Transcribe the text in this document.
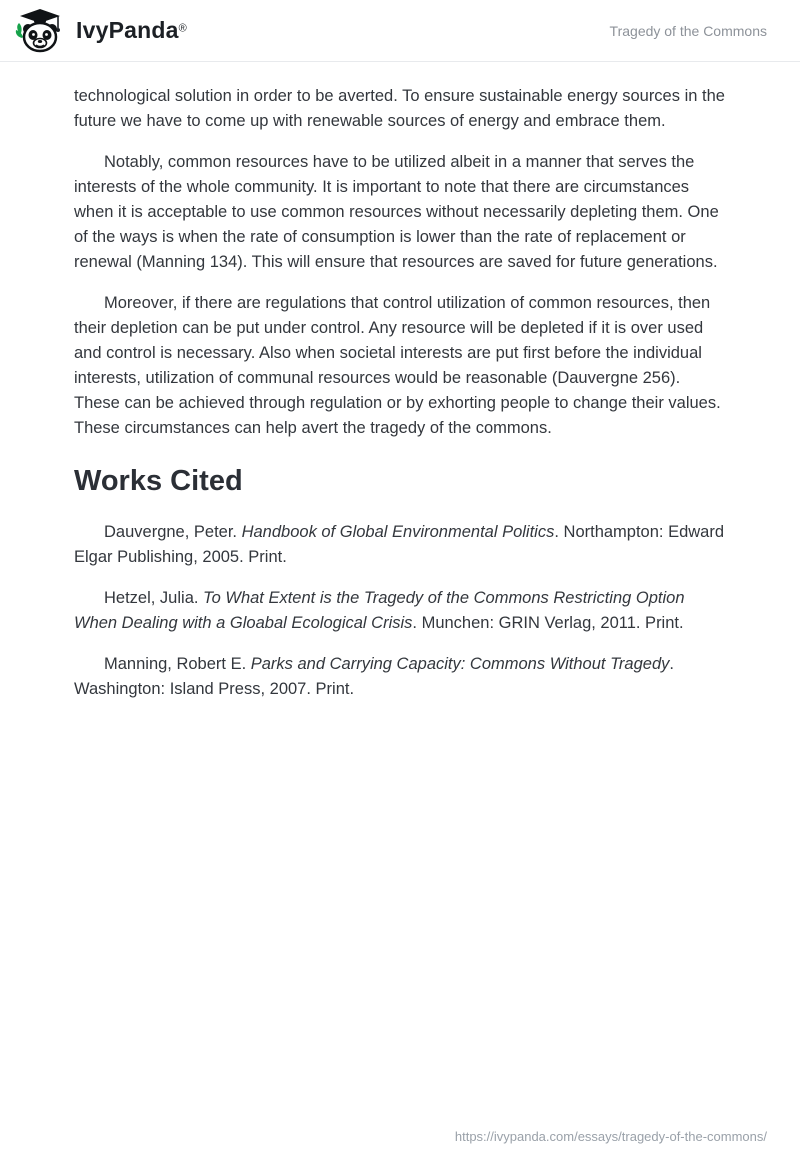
IvyPanda®	Tragedy of the Commons

technological solution in order to be averted. To ensure sustainable energy sources in the future we have to come up with renewable sources of energy and embrace them.

Notably, common resources have to be utilized albeit in a manner that serves the interests of the whole community. It is important to note that there are circumstances when it is acceptable to use common resources without necessarily depleting them. One of the ways is when the rate of consumption is lower than the rate of replacement or renewal (Manning 134). This will ensure that resources are saved for future generations.

Moreover, if there are regulations that control utilization of common resources, then their depletion can be put under control. Any resource will be depleted if it is over used and control is necessary. Also when societal interests are put first before the individual interests, utilization of communal resources would be reasonable (Dauvergne 256). These can be achieved through regulation or by exhorting people to change their values. These circumstances can help avert the tragedy of the commons.

Works Cited

Dauvergne, Peter. Handbook of Global Environmental Politics. Northampton: Edward Elgar Publishing, 2005. Print.

Hetzel, Julia. To What Extent is the Tragedy of the Commons Restricting Option When Dealing with a Gloabal Ecological Crisis. Munchen: GRIN Verlag, 2011. Print.

Manning, Robert E. Parks and Carrying Capacity: Commons Without Tragedy. Washington: Island Press, 2007. Print.

https://ivypanda.com/essays/tragedy-of-the-commons/
